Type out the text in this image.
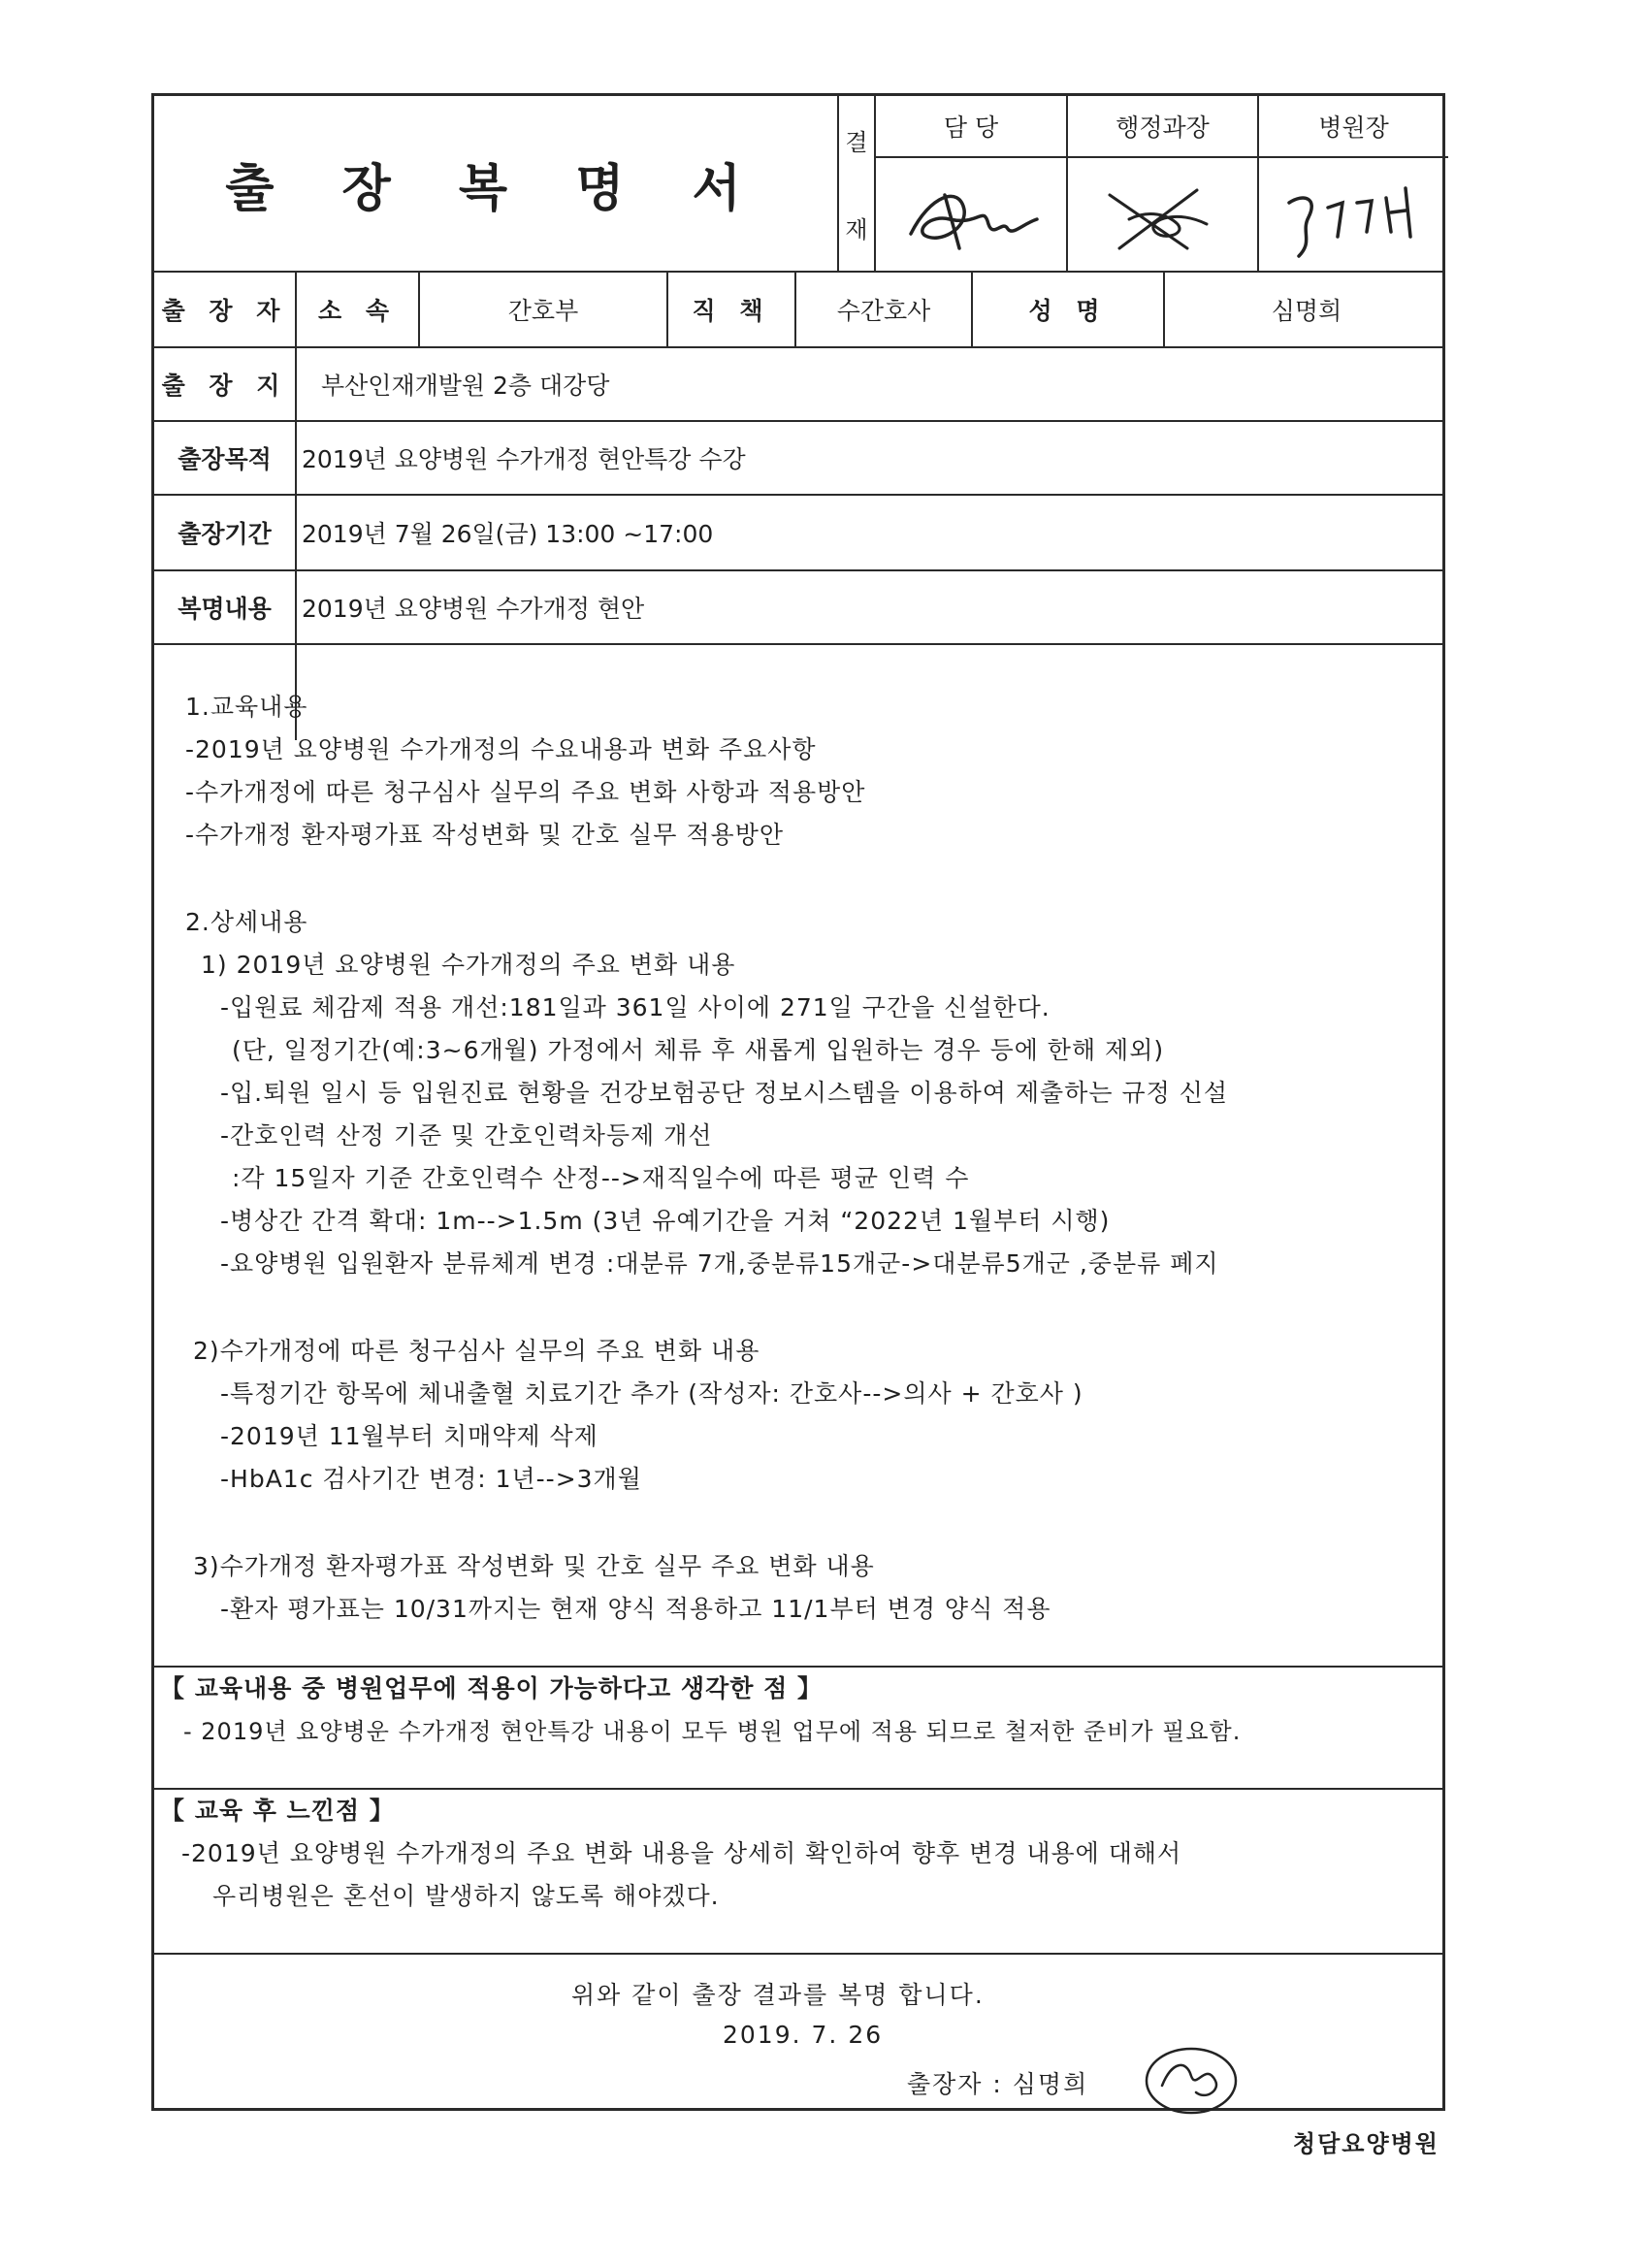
출 장 복 명 서
결
재
담 당	행정과장	병원장
출 장 자	소 속	간호부	직 책	수간호사	성 명	심명희
출 장 지	부산인재개발원 2층 대강당
출장목적	2019년 요양병원 수가개정 현안특강 수강
출장기간	2019년 7월 26일(금) 13:00 ~17:00
복명내용	2019년 요양병원 수가개정 현안
1.교육내용
-2019년 요양병원 수가개정의 수요내용과 변화 주요사항
-수가개정에 따른 청구심사 실무의 주요 변화 사항과 적용방안
-수가개정 환자평가표 작성변화 및 간호 실무 적용방안
2.상세내용
1) 2019년 요양병원 수가개정의 주요 변화 내용
-입원료 체감제 적용 개선:181일과 361일 사이에 271일 구간을 신설한다.
(단, 일정기간(예:3~6개월) 가정에서 체류 후 새롭게 입원하는 경우 등에 한해 제외)
-입.퇴원 일시 등 입원진료 현황을 건강보험공단 정보시스템을 이용하여 제출하는 규정 신설
-간호인력 산정 기준 및 간호인력차등제 개선
:각 15일자 기준 간호인력수 산정-->재직일수에 따른 평균 인력 수
-병상간 간격 확대: 1m-->1.5m (3년 유예기간을 거쳐 “2022년 1월부터 시행)
-요양병원 입원환자 분류체계 변경 :대분류 7개,중분류15개군->대분류5개군 ,중분류 폐지
2)수가개정에 따른 청구심사 실무의 주요 변화 내용
-특정기간 항목에 체내출혈 치료기간 추가 (작성자: 간호사-->의사 + 간호사 )
-2019년 11월부터 치매약제 삭제
-HbA1c 검사기간 변경: 1년-->3개월
3)수가개정 환자평가표 작성변화 및 간호 실무 주요 변화 내용
-환자 평가표는 10/31까지는 현재 양식 적용하고 11/1부터 변경 양식 적용
【 교육내용 중 병원업무에 적용이 가능하다고 생각한 점 】
- 2019년 요양병운 수가개정 현안특강 내용이 모두 병원 업무에 적용 되므로 철저한 준비가 필요함.
【 교육 후 느낀점 】
-2019년 요양병원 수가개정의 주요 변화 내용을 상세히 확인하여 향후 변경 내용에 대해서
우리병원은 혼선이 발생하지 않도록 해야겠다.
위와 같이 출장 결과를 복명 합니다.
2019. 7. 26
출장자 : 심명희
청담요양병원
